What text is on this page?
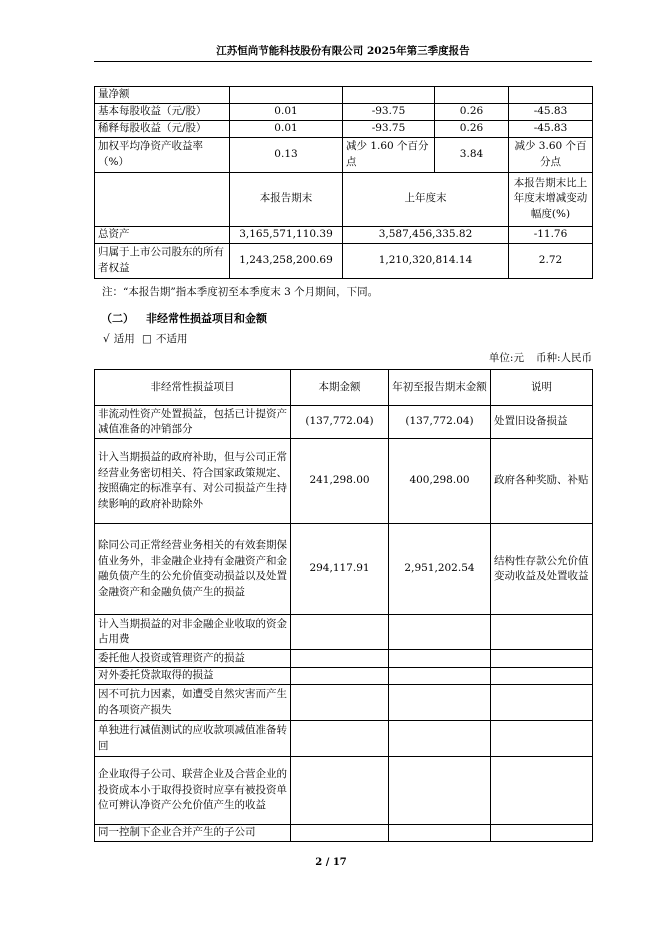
江苏恒尚节能科技股份有限公司 2025年第三季度报告
量净额				
基本每股收益（元/股）	0.01	-93.75	0.26	-45.83
稀释每股收益（元/股）	0.01	-93.75	0.26	-45.83
加权平均净资产收益率（%）	0.13	减少 1.60 个百分点	3.84	减少 3.60 个百分点
	本报告期末	上年度末		本报告期末比上年度末增减变动幅度(%)
总资产	3,165,571,110.39	3,587,456,335.82		-11.76
归属于上市公司股东的所有者权益	1,243,258,200.69	1,210,320,814.14		2.72
注：“本报告期”指本季度初至本季度末 3 个月期间，下同。
（二） 非经常性损益项目和金额
√ 适用 □ 不适用
单位:元 币种:人民币
非经常性损益项目	本期金额	年初至报告期末金额	说明
非流动性资产处置损益，包括已计提资产减值准备的冲销部分	(137,772.04)	(137,772.04)	处置旧设备损益
计入当期损益的政府补助，但与公司正常经营业务密切相关、符合国家政策规定、按照确定的标准享有、对公司损益产生持续影响的政府补助除外	241,298.00	400,298.00	政府各种奖励、补贴
除同公司正常经营业务相关的有效套期保值业务外，非金融企业持有金融资产和金融负债产生的公允价值变动损益以及处置金融资产和金融负债产生的损益	294,117.91	2,951,202.54	结构性存款公允价值变动收益及处置收益
计入当期损益的对非金融企业收取的资金占用费			
委托他人投资或管理资产的损益			
对外委托贷款取得的损益			
因不可抗力因素，如遭受自然灾害而产生的各项资产损失			
单独进行减值测试的应收款项减值准备转回			
企业取得子公司、联营企业及合营企业的投资成本小于取得投资时应享有被投资单位可辨认净资产公允价值产生的收益			
同一控制下企业合并产生的子公司			
2 / 17
